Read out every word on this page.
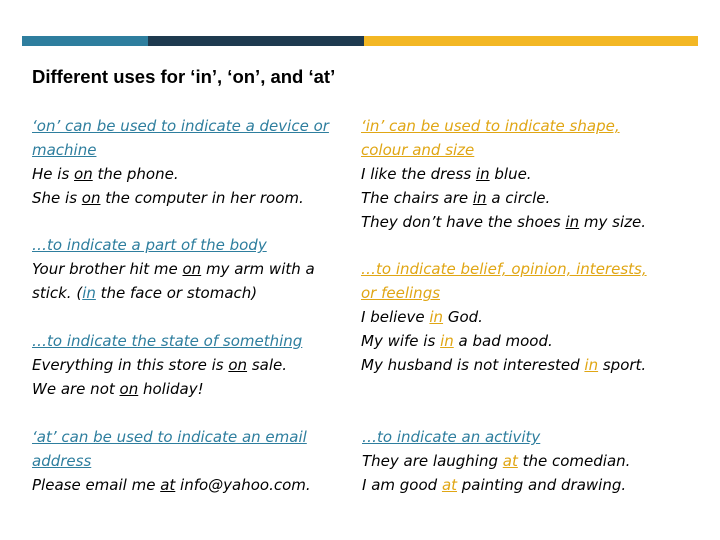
Different uses for ‘in’, ‘on’, and ‘at’
‘on’ can be used to indicate a device or
machine
He is on the phone.
She is on the computer in her room.
‘in’ can be used to indicate shape,
colour and size
I like the dress in blue.
The chairs are in a circle.
They don’t have the shoes in my size.
…to indicate a part of the body
Your brother hit me on my arm with a
stick. (in the face or stomach)
…to indicate belief, opinion, interests,
or feelings
I believe in God.
My wife is in a bad mood.
My husband is not interested in sport.
…to indicate the state of something
Everything in this store is on sale.
We are not on holiday!
‘at’ can be used to indicate an email
address
Please email me at info@yahoo.com.
…to indicate an activity
They are laughing at the comedian.
I am good at painting and drawing.
